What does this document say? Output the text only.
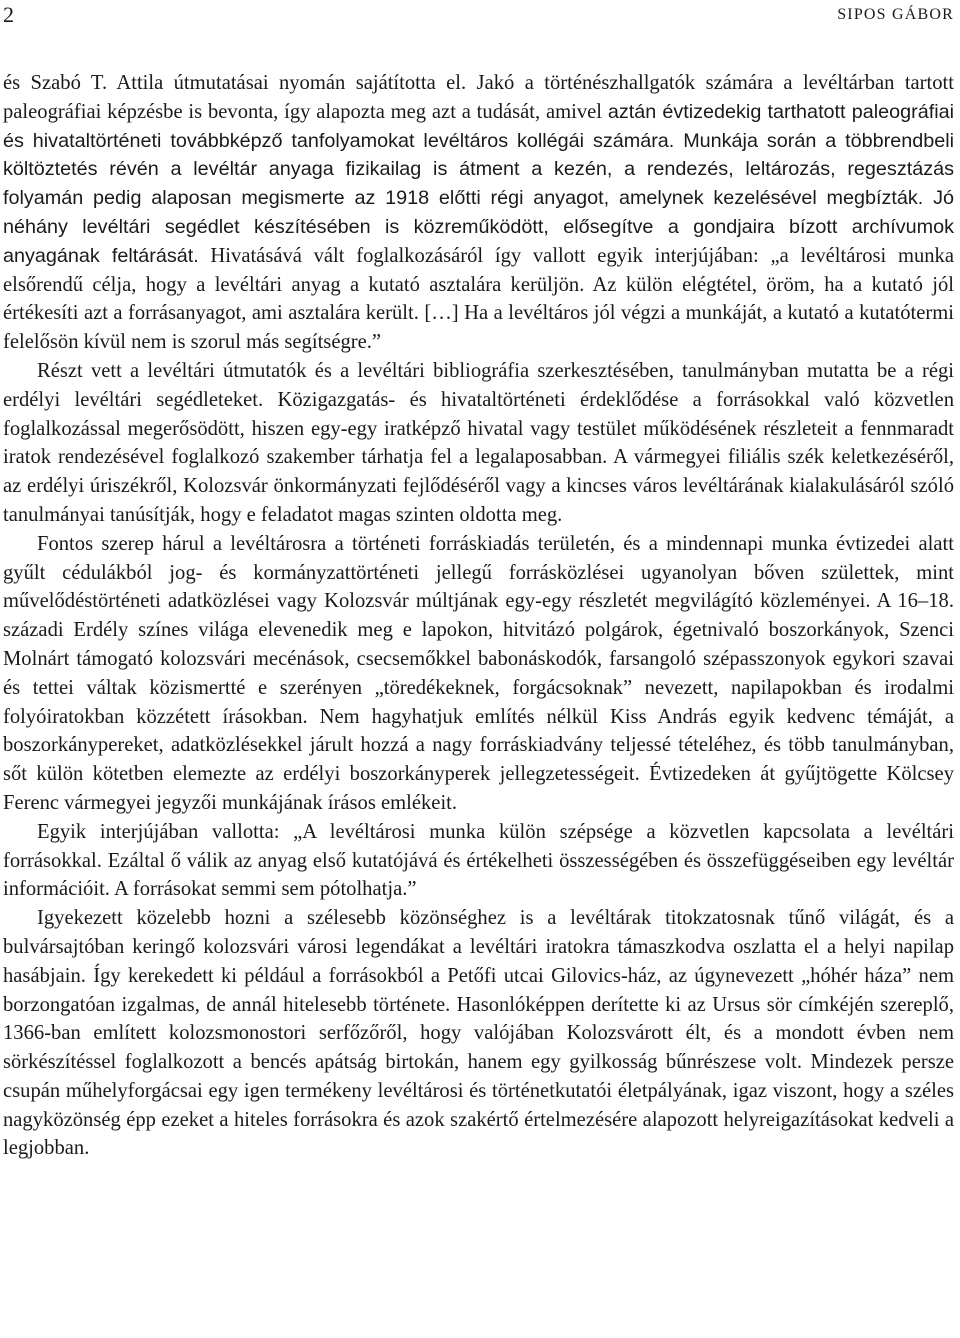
2	SIPOS GÁBOR

és Szabó T. Attila útmutatásai nyomán sajátította el. Jakó a történészhallgatók számára a levéltárban tartott paleográfiai képzésbe is bevonta, így alapozta meg azt a tudását, amivel aztán évtizedekig tarthatott paleográfiai és hivataltörténeti továbbképző tanfolyamokat levéltáros kollégái számára. Munkája során a többrendbeli költöztetés révén a levéltár anyaga fizikailag is átment a kezén, a rendezés, leltározás, regesztázás folyamán pedig alaposan megismerte az 1918 előtti régi anyagot, amelynek kezelésével megbízták. Jó néhány levéltári segédlet készítésében is közreműködött, elősegítve a gondjaira bízott archívumok anyagának feltárását. Hivatásává vált foglalkozásáról így vallott egyik interjújában: „a levéltárosi munka elsőrendű célja, hogy a levéltári anyag a kutató asztalára kerüljön. Az külön elégtétel, öröm, ha a kutató jól értékesíti azt a forrásanyagot, ami asztalára került. […] Ha a levéltáros jól végzi a munkáját, a kutató a kutatótermi felelősön kívül nem is szorul más segítségre.”

Részt vett a levéltári útmutatók és a levéltári bibliográfia szerkesztésében, tanulmányban mutatta be a régi erdélyi levéltári segédleteket. Közigazgatás- és hivataltörténeti érdeklődése a forrásokkal való közvetlen foglalkozással megerősödött, hiszen egy-egy iratképző hivatal vagy testület működésének részleteit a fennmaradt iratok rendezésével foglalkozó szakember tárhatja fel a legalaposabban. A vármegyei filiális szék keletkezéséről, az erdélyi úriszékről, Kolozsvár önkormányzati fejlődéséről vagy a kincses város levéltárának kialakulásáról szóló tanulmányai tanúsítják, hogy e feladatot magas szinten oldotta meg.

Fontos szerep hárul a levéltárosra a történeti forráskiadás területén, és a mindennapi munka évtizedei alatt gyűlt cédulákból jog- és kormányzattörténeti jellegű forrásközlései ugyanolyan bőven születtek, mint művelődéstörténeti adatközlései vagy Kolozsvár múltjának egy-egy részletét megvilágító közleményei. A 16–18. századi Erdély színes világa elevenedik meg e lapokon, hitvitázó polgárok, égetnivaló boszorkányok, Szenci Molnárt támogató kolozsvári mecénások, csecsemőkkel babonáskodók, farsangoló szépasszonyok egykori szavai és tettei váltak közismertté e szerényen „töredékeknek, forgácsoknak” nevezett, napilapokban és irodalmi folyóiratokban közzétett írásokban. Nem hagyhatjuk említés nélkül Kiss András egyik kedvenc témáját, a boszorkánypereket, adatközlésekkel járult hozzá a nagy forráskiadvány teljessé tételéhez, és több tanulmányban, sőt külön kötetben elemezte az erdélyi boszorkányperek jellegzetességeit. Évtizedeken át gyűjtögette Kölcsey Ferenc vármegyei jegyzői munkájának írásos emlékeit.

Egyik interjújában vallotta: „A levéltárosi munka külön szépsége a közvetlen kapcsolata a levéltári forrásokkal. Ezáltal ő válik az anyag első kutatójává és értékelheti összességében és összefüggéseiben egy levéltár információit. A forrásokat semmi sem pótolhatja.”

Igyekezett közelebb hozni a szélesebb közönséghez is a levéltárak titokzatosnak tűnő világát, és a bulvársajtóban keringő kolozsvári városi legendákat a levéltári iratokra támaszkodva oszlatta el a helyi napilap hasábjain. Így kerekedett ki például a forrásokból a Petőfi utcai Gilovics-ház, az úgynevezett „hóhér háza” nem borzongatóan izgalmas, de annál hitelesebb története. Hasonlóképpen derítette ki az Ursus sör címkéjén szereplő, 1366-ban említett kolozsmonostori serfőzőről, hogy valójában Kolozsvárott élt, és a mondott évben nem sörkészítéssel foglalkozott a bencés apátság birtokán, hanem egy gyilkosság bűnrészese volt. Mindezek persze csupán műhelyforgácsai egy igen termékeny levéltárosi és történetkutatói életpályának, igaz viszont, hogy a széles nagyközönség épp ezeket a hiteles forrásokra és azok szakértő értelmezésére alapozott helyreigazításokat kedveli a legjobban.
